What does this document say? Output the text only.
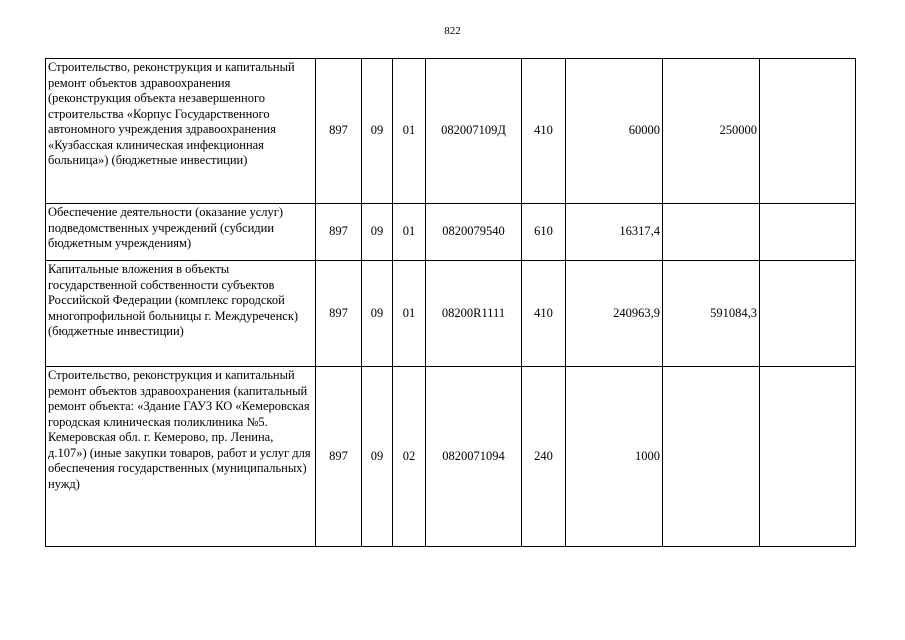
822
Строительство, реконструкция и капитальный ремонт объектов здравоохранения (реконструкция объекта незавершенного строительства «Корпус Государственного автономного учреждения здравоохранения «Кузбасская клиническая инфекционная больница») (бюджетные инвестиции)	897	09	01	082007109Д	410	60000	250000	
Обеспечение деятельности (оказание услуг) подведомственных учреждений (субсидии бюджетным учреждениям)	897	09	01	0820079540	610	16317,4		
Капитальные вложения в объекты государственной собственности субъектов Российской Федерации (комплекс городской многопрофильной больницы г. Междуреченск) (бюджетные инвестиции)	897	09	01	08200R1111	410	240963,9	591084,3	
Строительство, реконструкция и капитальный ремонт объектов здравоохранения (капитальный ремонт объекта: «Здание ГАУЗ КО «Кемеровская городская клиническая поликлиника №5. Кемеровская обл. г. Кемерово, пр. Ленина, д.107») (иные закупки товаров, работ и услуг для обеспечения государственных (муниципальных) нужд)	897	09	02	0820071094	240	1000		
